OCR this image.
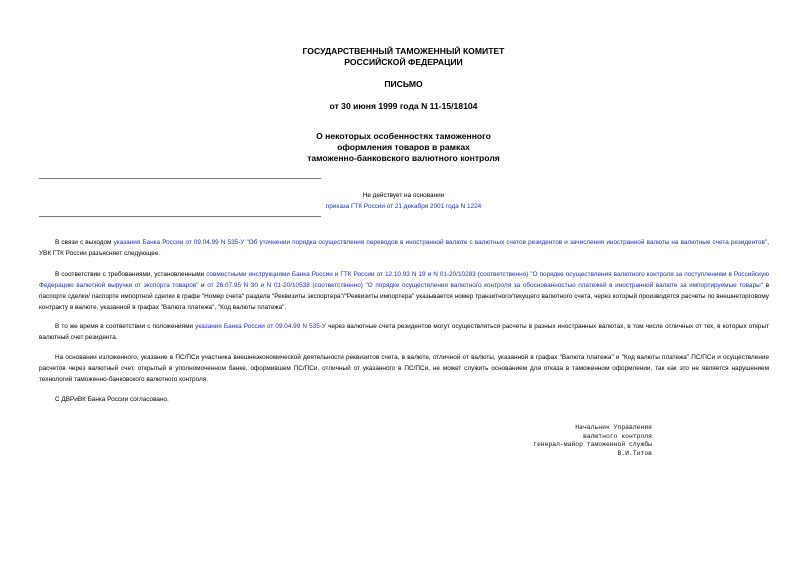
ГОСУДАРСТВЕННЫЙ ТАМОЖЕННЫЙ КОМИТЕТ
РОССИЙСКОЙ ФЕДЕРАЦИИ
ПИСЬМО
от 30 июня 1999 года N 11-15/18104
О некоторых особенностях таможенного
оформления товаров в рамках
таможенно-банковского валютного контроля
Не действует на основании
приказа ГТК России от 21 декабря 2001 года N 1224

В связи с выходом указания Банка России от 09.04.99 N 535-У "Об уточнении порядка осуществления переводов в иностранной валюте с валютных счетов резидентов и зачисления иностранной валюты на валютные счета резидентов", УВК ГТК России разъясняет следующее.

В соответствии с требованиями, установленными совместными инструкциями Банка России и ГТК России от 12.10.93 N 19 и N 01-20/10283 (соответственно) "О порядке осуществления валютного контроля за поступлением в Российскую Федерацию валютной выручки от экспорта товаров" и от 26.07.95 N 30 и N 01-20/10538 (соответственно) "О порядке осуществления валютного контроля за обоснованностью платежей в иностранной валюте за импортируемые товары" в паспорте сделки/ паспорте импортной сделки в графе "Номер счета" раздела "Реквизиты экспортера"/"Реквизиты импортера" указывается номер транзитного/текущего валютного счета, через который производятся расчеты по внешнеторговому контракту в валюте, указанной в графах "Валюта платежа", "Код валюты платежа".

В то же время в соответствии с положениями указания Банка России от 09.04.99 N 535-У через валютные счета резидентов могут осуществляться расчеты в разных иностранных валютах, в том числе отличных от тех, в которых открыт валютный счет резидента.

На основании изложенного, указание в ПС/ПСи участника внешнеэкономической деятельности реквизитов счета, в валюте, отличной от валюты, указанной в графах "Валюта платежа" и "Код валюты платежа" ПС/ПСи и осуществление расчетов через валютный счет, открытый в уполномоченном банке, оформившем ПС/ПСи, отличный от указанного в ПС/ПСи, не может служить основанием для отказа в таможенном оформлении, так как это не является нарушением технологий таможенно-банковского валютного контроля.

С ДВРиВК Банка России согласовано.

Начальник Управления
валютного контроля
генерал-майор таможенной службы
В.И.Титов
